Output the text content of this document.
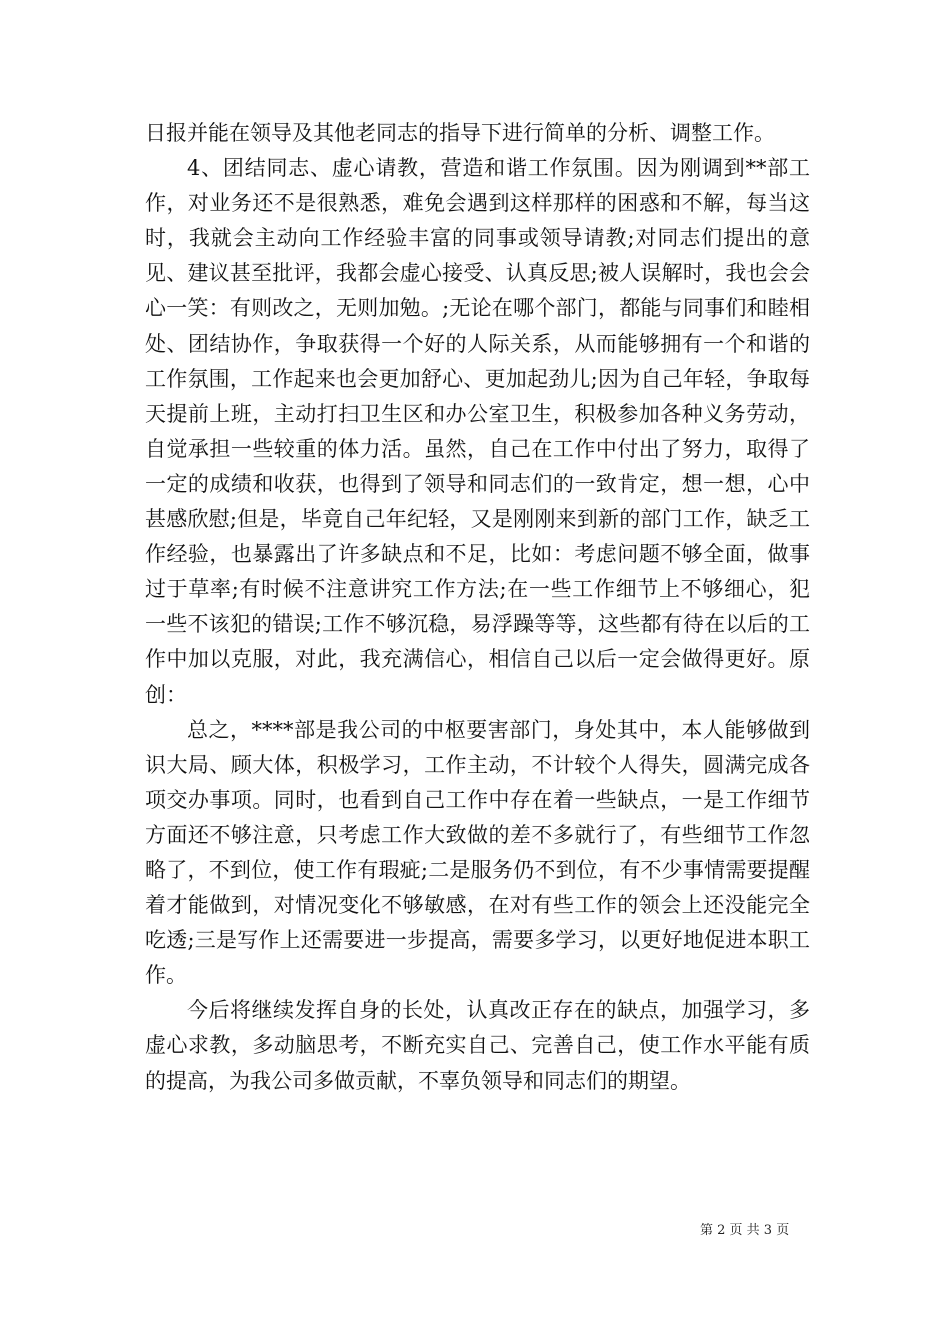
日报并能在领导及其他老同志的指导下进行简单的分析、调整工作。

4、团结同志、虚心请教，营造和谐工作氛围。因为刚调到**部工作，对业务还不是很熟悉，难免会遇到这样那样的困惑和不解，每当这时，我就会主动向工作经验丰富的同事或领导请教;对同志们提出的意见、建议甚至批评，我都会虚心接受、认真反思;被人误解时，我也会会心一笑：有则改之，无则加勉。;无论在哪个部门，都能与同事们和睦相处、团结协作，争取获得一个好的人际关系，从而能够拥有一个和谐的工作氛围，工作起来也会更加舒心、更加起劲儿;因为自己年轻，争取每天提前上班，主动打扫卫生区和办公室卫生，积极参加各种义务劳动，自觉承担一些较重的体力活。虽然，自己在工作中付出了努力，取得了一定的成绩和收获，也得到了领导和同志们的一致肯定，想一想，心中甚感欣慰;但是，毕竟自己年纪轻，又是刚刚来到新的部门工作，缺乏工作经验，也暴露出了许多缺点和不足，比如：考虑问题不够全面，做事过于草率;有时候不注意讲究工作方法;在一些工作细节上不够细心，犯一些不该犯的错误;工作不够沉稳，易浮躁等等，这些都有待在以后的工作中加以克服，对此，我充满信心，相信自己以后一定会做得更好。原创：

总之，****部是我公司的中枢要害部门，身处其中，本人能够做到识大局、顾大体，积极学习，工作主动，不计较个人得失，圆满完成各项交办事项。同时，也看到自己工作中存在着一些缺点，一是工作细节方面还不够注意，只考虑工作大致做的差不多就行了，有些细节工作忽略了，不到位，使工作有瑕疵;二是服务仍不到位，有不少事情需要提醒着才能做到，对情况变化不够敏感，在对有些工作的领会上还没能完全吃透;三是写作上还需要进一步提高，需要多学习，以更好地促进本职工作。

今后将继续发挥自身的长处，认真改正存在的缺点，加强学习，多虚心求教，多动脑思考，不断充实自己、完善自己，使工作水平能有质的提高，为我公司多做贡献，不辜负领导和同志们的期望。

第 2 页 共 3 页
